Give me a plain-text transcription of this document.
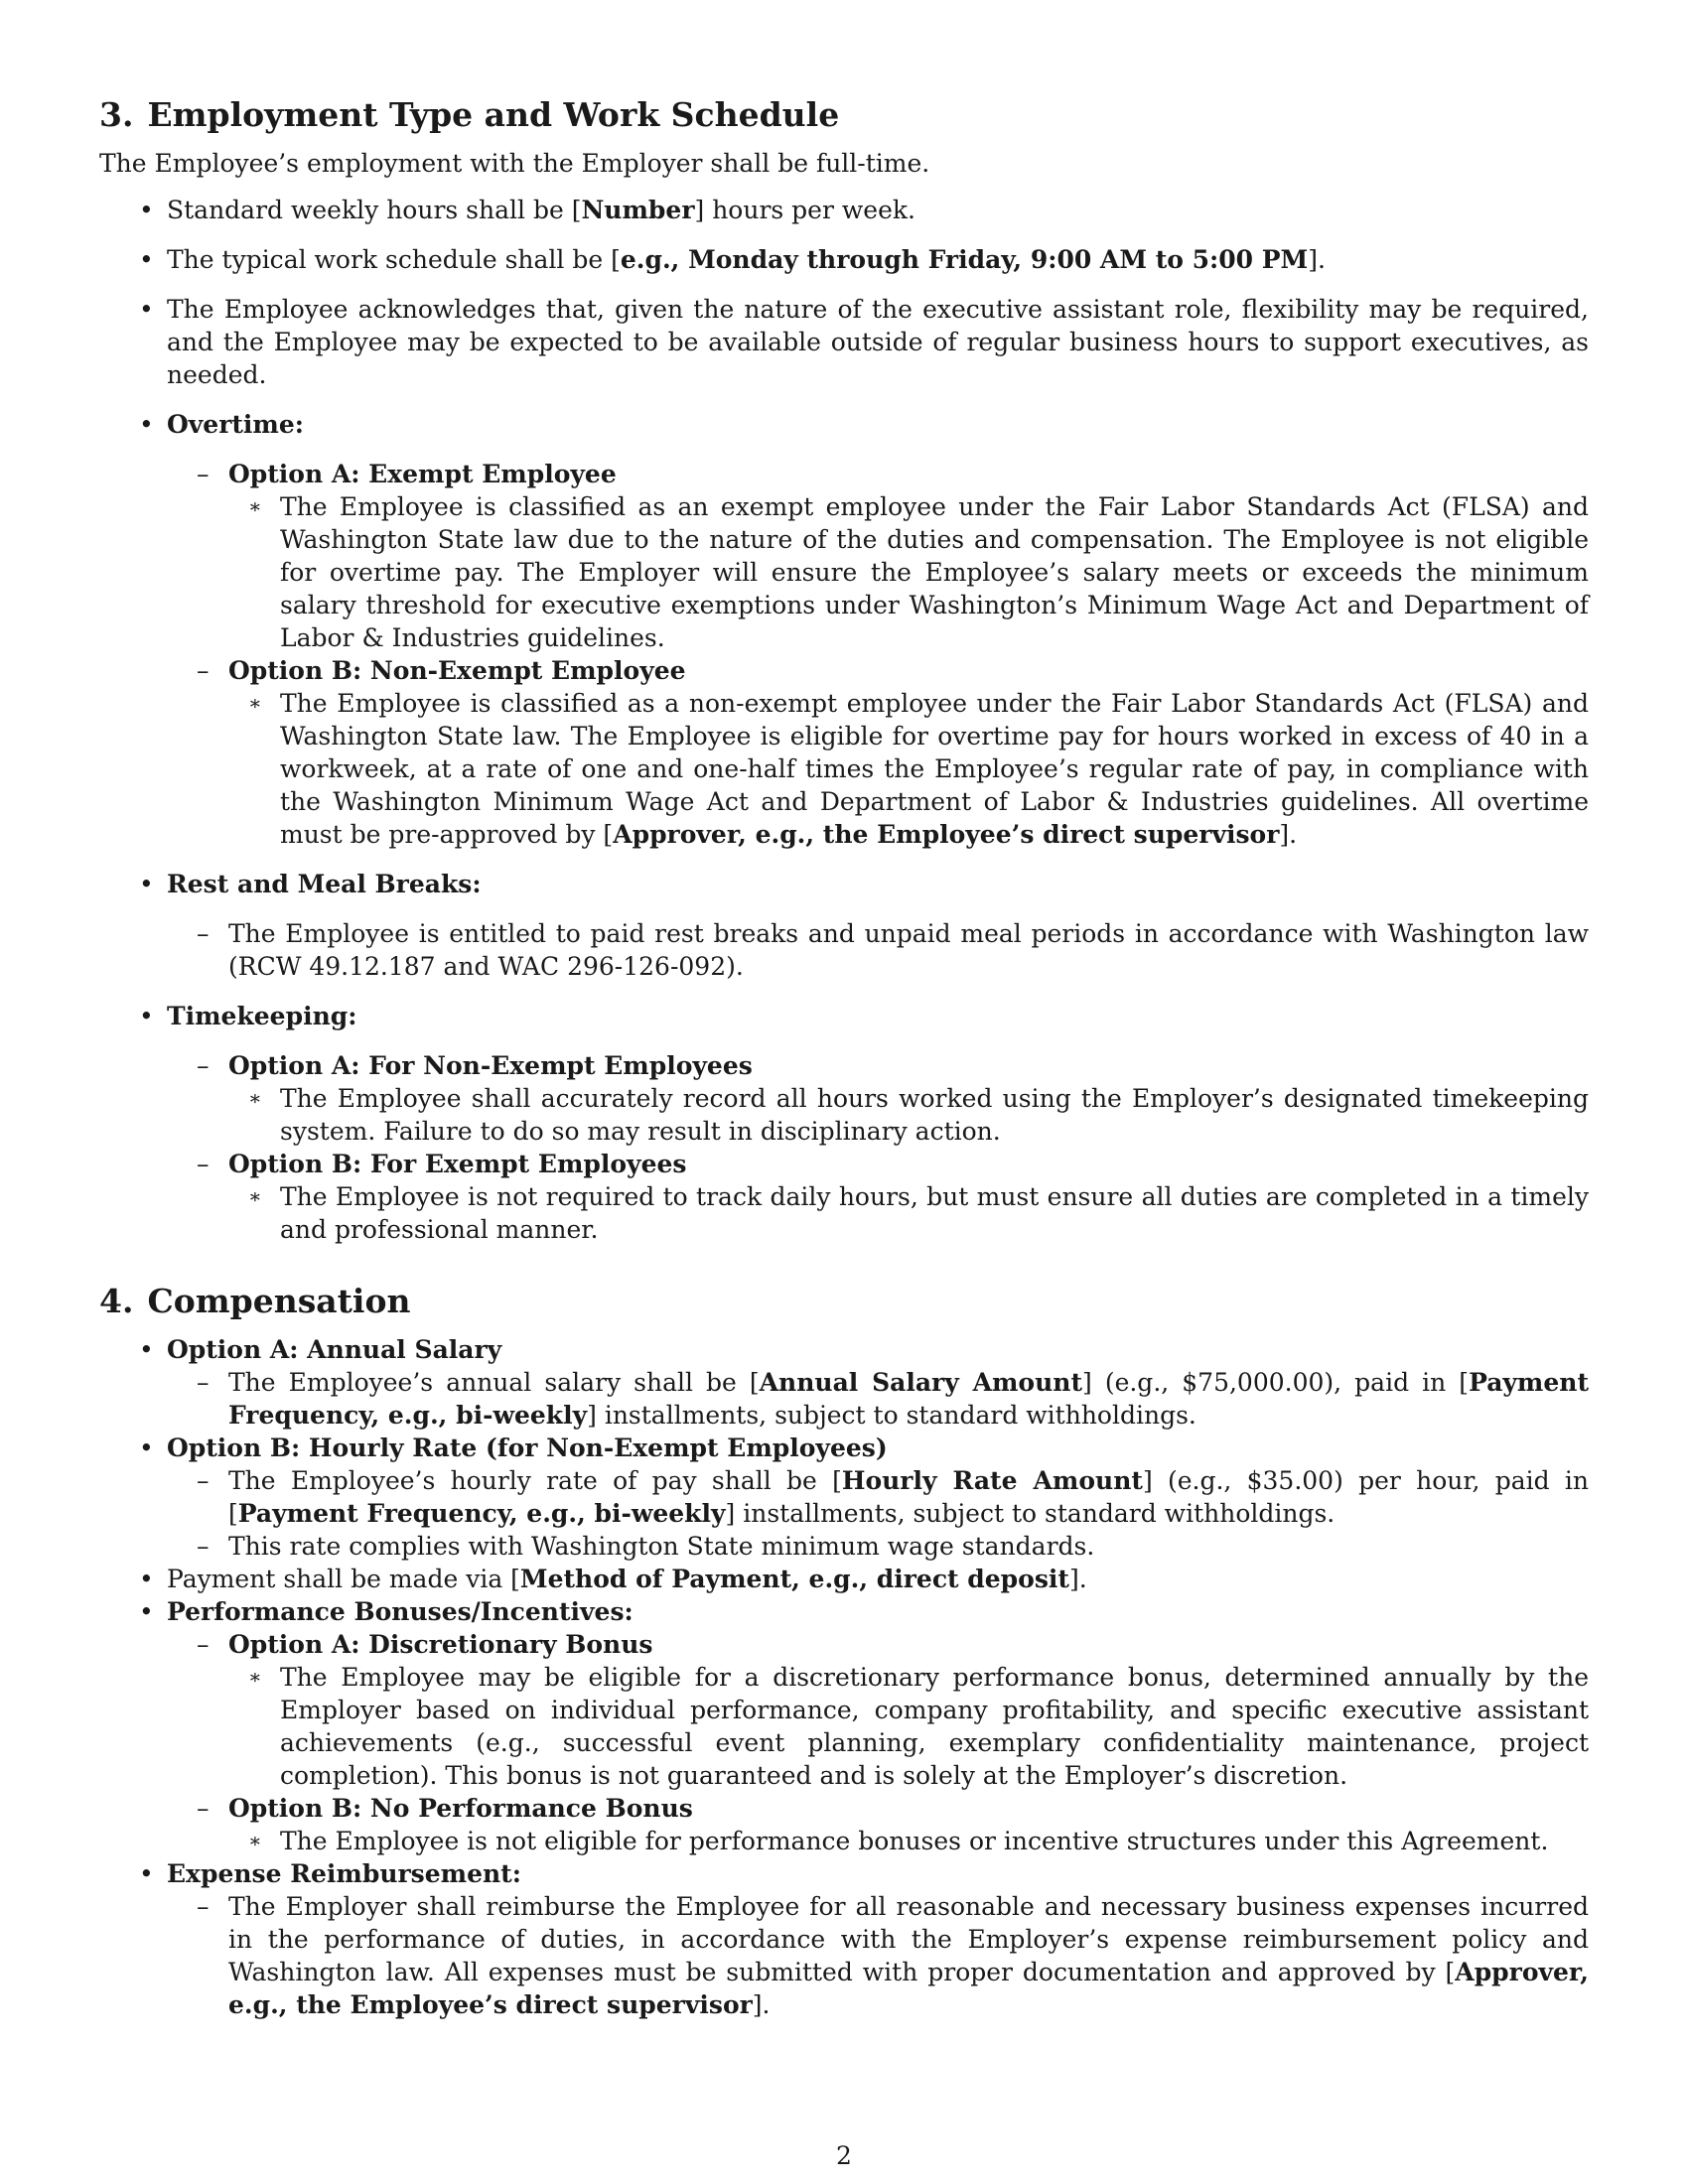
3. Employment Type and Work Schedule

The Employee’s employment with the Employer shall be full-time.

• Standard weekly hours shall be [Number] hours per week.
• The typical work schedule shall be [e.g., Monday through Friday, 9:00 AM to 5:00 PM].
• The Employee acknowledges that, given the nature of the executive assistant role, flexibility may be required, and the Employee may be expected to be available outside of regular business hours to support executives, as needed.
• Overtime:
– Option A: Exempt Employee
∗ The Employee is classified as an exempt employee under the Fair Labor Standards Act (FLSA) and Washington State law due to the nature of the duties and compensation. The Employee is not eligible for overtime pay. The Employer will ensure the Employee’s salary meets or exceeds the minimum salary threshold for executive exemptions under Washington’s Minimum Wage Act and Department of Labor & Industries guidelines.
– Option B: Non-Exempt Employee
∗ The Employee is classified as a non-exempt employee under the Fair Labor Standards Act (FLSA) and Washington State law. The Employee is eligible for overtime pay for hours worked in excess of 40 in a workweek, at a rate of one and one-half times the Employee’s regular rate of pay, in compliance with the Washington Minimum Wage Act and Department of Labor & Industries guidelines. All overtime must be pre-approved by [Approver, e.g., the Employee’s direct supervisor].
• Rest and Meal Breaks:
– The Employee is entitled to paid rest breaks and unpaid meal periods in accordance with Washington law (RCW 49.12.187 and WAC 296-126-092).
• Timekeeping:
– Option A: For Non-Exempt Employees
∗ The Employee shall accurately record all hours worked using the Employer’s designated timekeeping system. Failure to do so may result in disciplinary action.
– Option B: For Exempt Employees
∗ The Employee is not required to track daily hours, but must ensure all duties are completed in a timely and professional manner.
4. Compensation
• Option A: Annual Salary
– The Employee’s annual salary shall be [Annual Salary Amount] (e.g., $75,000.00), paid in [Payment Frequency, e.g., bi-weekly] installments, subject to standard withholdings.
• Option B: Hourly Rate (for Non-Exempt Employees)
– The Employee’s hourly rate of pay shall be [Hourly Rate Amount] (e.g., $35.00) per hour, paid in [Payment Frequency, e.g., bi-weekly] installments, subject to standard withholdings.
– This rate complies with Washington State minimum wage standards.
• Payment shall be made via [Method of Payment, e.g., direct deposit].
• Performance Bonuses/Incentives:
– Option A: Discretionary Bonus
∗ The Employee may be eligible for a discretionary performance bonus, determined annually by the Employer based on individual performance, company profitability, and specific executive assistant achievements (e.g., successful event planning, exemplary confidentiality maintenance, project completion). This bonus is not guaranteed and is solely at the Employer’s discretion.
– Option B: No Performance Bonus
∗ The Employee is not eligible for performance bonuses or incentive structures under this Agreement.
• Expense Reimbursement:
– The Employer shall reimburse the Employee for all reasonable and necessary business expenses incurred in the performance of duties, in accordance with the Employer’s expense reimbursement policy and Washington law. All expenses must be submitted with proper documentation and approved by [Approver, e.g., the Employee’s direct supervisor].
2
